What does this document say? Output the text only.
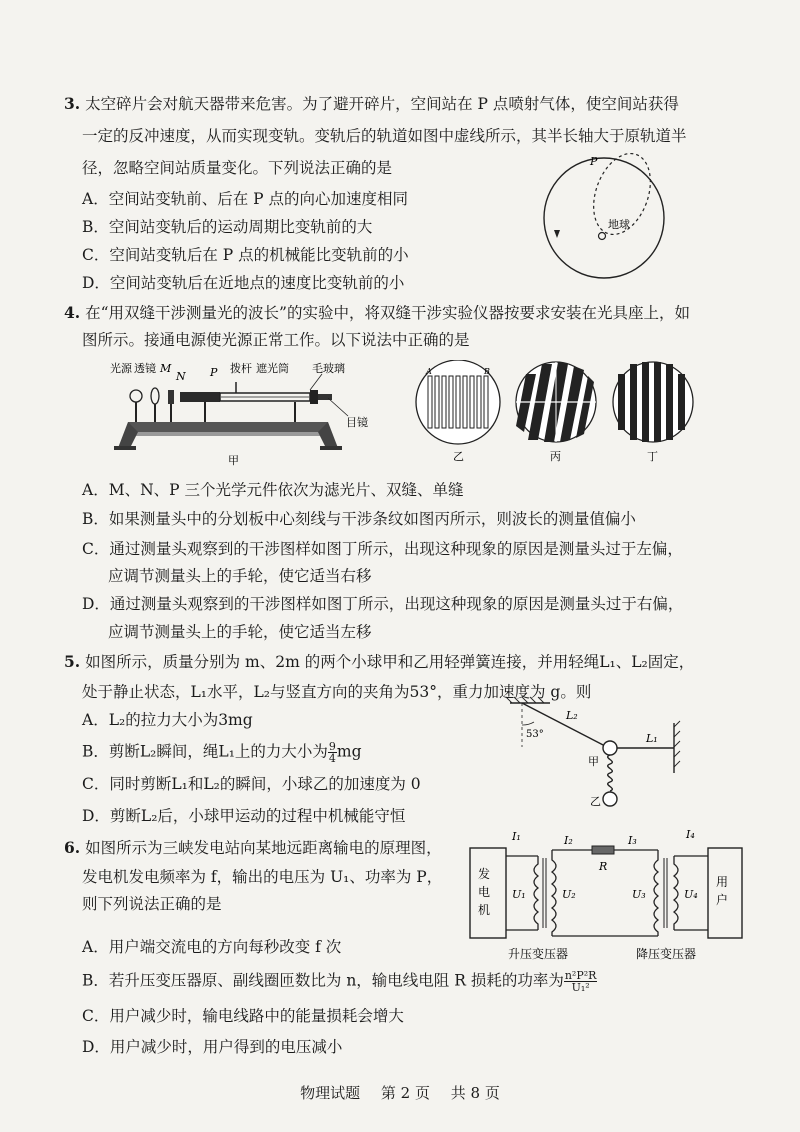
3. 太空碎片会对航天器带来危害。为了避开碎片，空间站在 P 点喷射气体，使空间站获得
一定的反冲速度，从而实现变轨。变轨后的轨道如图中虚线所示，其半长轴大于原轨道半
径，忽略空间站质量变化。下列说法正确的是
A．空间站变轨前、后在 P 点的向心加速度相同
B．空间站变轨后的运动周期比变轨前的大
C．空间站变轨后在 P 点的机械能比变轨前的小
D．空间站变轨后在近地点的速度比变轨前的小
P
地球
4. 在“用双缝干涉测量光的波长”的实验中，将双缝干涉实验仪器按要求安装在光具座上，如
图所示。接通电源使光源正常工作。以下说法中正确的是
光源 透镜 M
N P 拨杆 遮光筒 毛玻璃
目镜
甲
A	B
乙	丙	丁
A．M、N、P 三个光学元件依次为滤光片、双缝、单缝
B．如果测量头中的分划板中心刻线与干涉条纹如图丙所示，则波长的测量值偏小
C．通过测量头观察到的干涉图样如图丁所示，出现这种现象的原因是测量头过于左偏，
应调节测量头上的手轮，使它适当右移
D．通过测量头观察到的干涉图样如图丁所示，出现这种现象的原因是测量头过于右偏，
应调节测量头上的手轮，使它适当左移
5. 如图所示，质量分别为 m、2m 的两个小球甲和乙用轻弹簧连接，并用轻绳L₁、L₂固定，
处于静止状态，L₁水平，L₂与竖直方向的夹角为53°，重力加速度为 g。则
A．L₂的拉力大小为3mg
B．剪断L₂瞬间，绳L₁上的力大小为 $\frac{9}{4}$ mg
C．同时剪断L₁和L₂的瞬间，小球乙的加速度为 0
D．剪断L₂后，小球甲运动的过程中机械能守恒
53°
L₂
L₁
甲
乙
6. 如图所示为三峡发电站向某地远距离输电的原理图，
发电机发电频率为 f，输出的电压为 U₁、功率为 P，
则下列说法正确的是
A．用户端交流电的方向每秒改变 f 次
B．若升压变压器原、副线圈匝数比为 n，输电线电阻 R 损耗的功率为 $\frac{\text{n²P²R}}{\text{U₁²}}$
C．用户减少时，输电线路中的能量损耗会增大
D．用户减少时，用户得到的电压减小
发
电
机
用
户
I₁	I₂	I₃	I₄
R
U₁	U₂	U₃	U₄
升压变压器	降压变压器
物理试题 第 2 页 共 8 页
